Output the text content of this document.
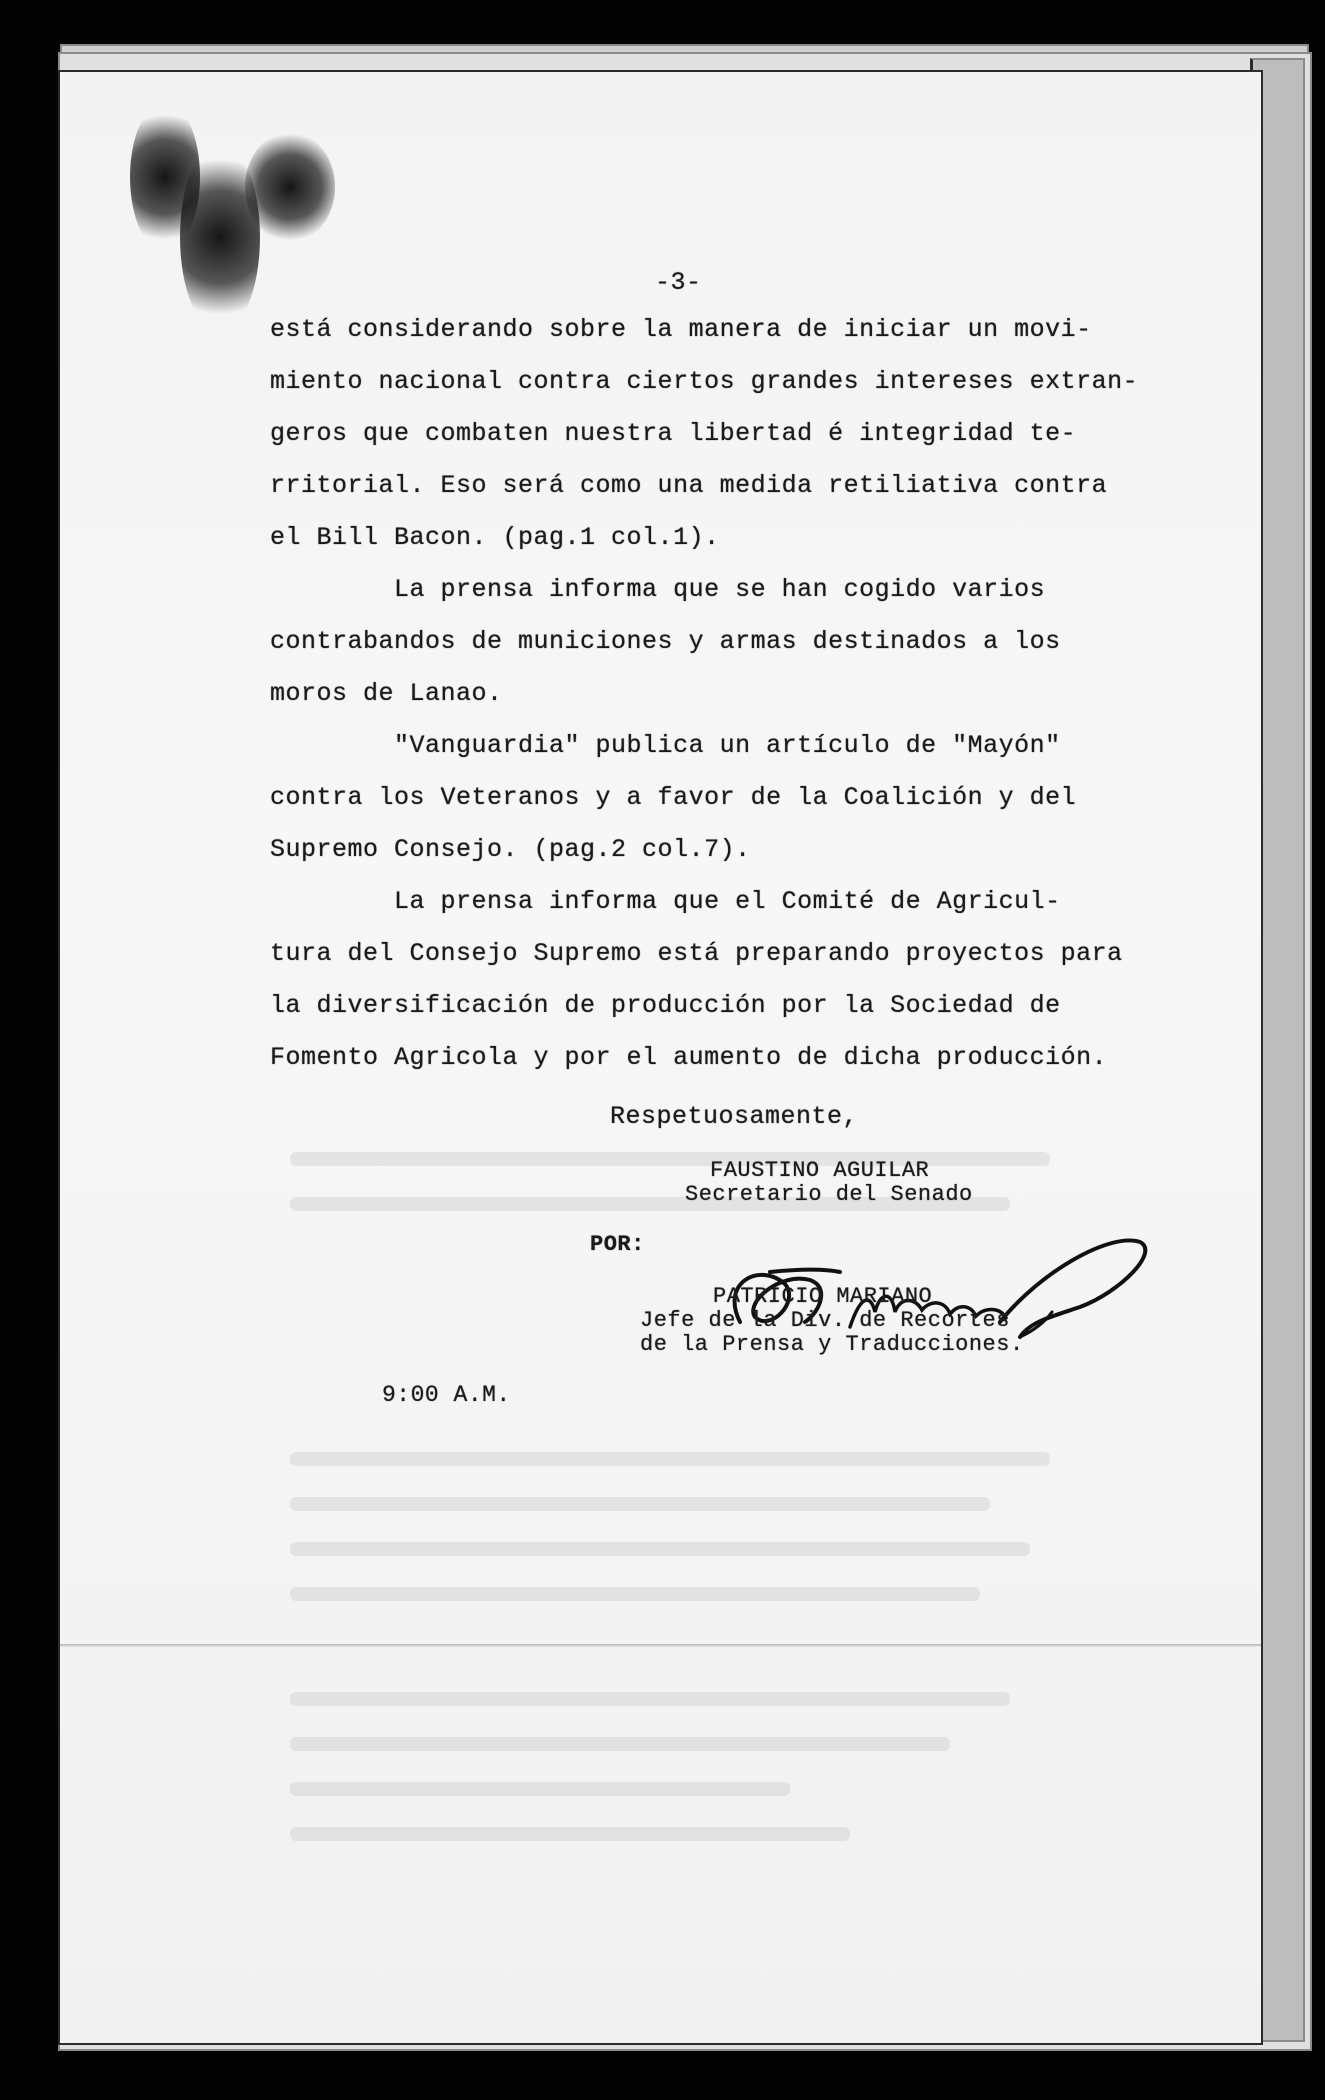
-3-
está considerando sobre la manera de iniciar un movi-
miento nacional contra ciertos grandes intereses extran-
geros que combaten nuestra libertad é integridad te-
rritorial. Eso será como una medida retiliativa contra
el Bill Bacon. (pag.1 col.1).
La prensa informa que se han cogido varios
contrabandos de municiones y armas destinados a los
moros de Lanao.
"Vanguardia" publica un artículo de "Mayón"
contra los Veteranos y a favor de la Coalición y del
Supremo Consejo. (pag.2 col.7).
La prensa informa que el Comité de Agricul-
tura del Consejo Supremo está preparando proyectos para
la diversificación de producción por la Sociedad de
Fomento Agricola y por el aumento de dicha producción.
Respetuosamente,
FAUSTINO AGUILAR
Secretario del Senado
POR:
PATRICIO MARIANO
Jefe de la Div. de Recortes
de la Prensa y Traducciones.
9:00 A.M.
